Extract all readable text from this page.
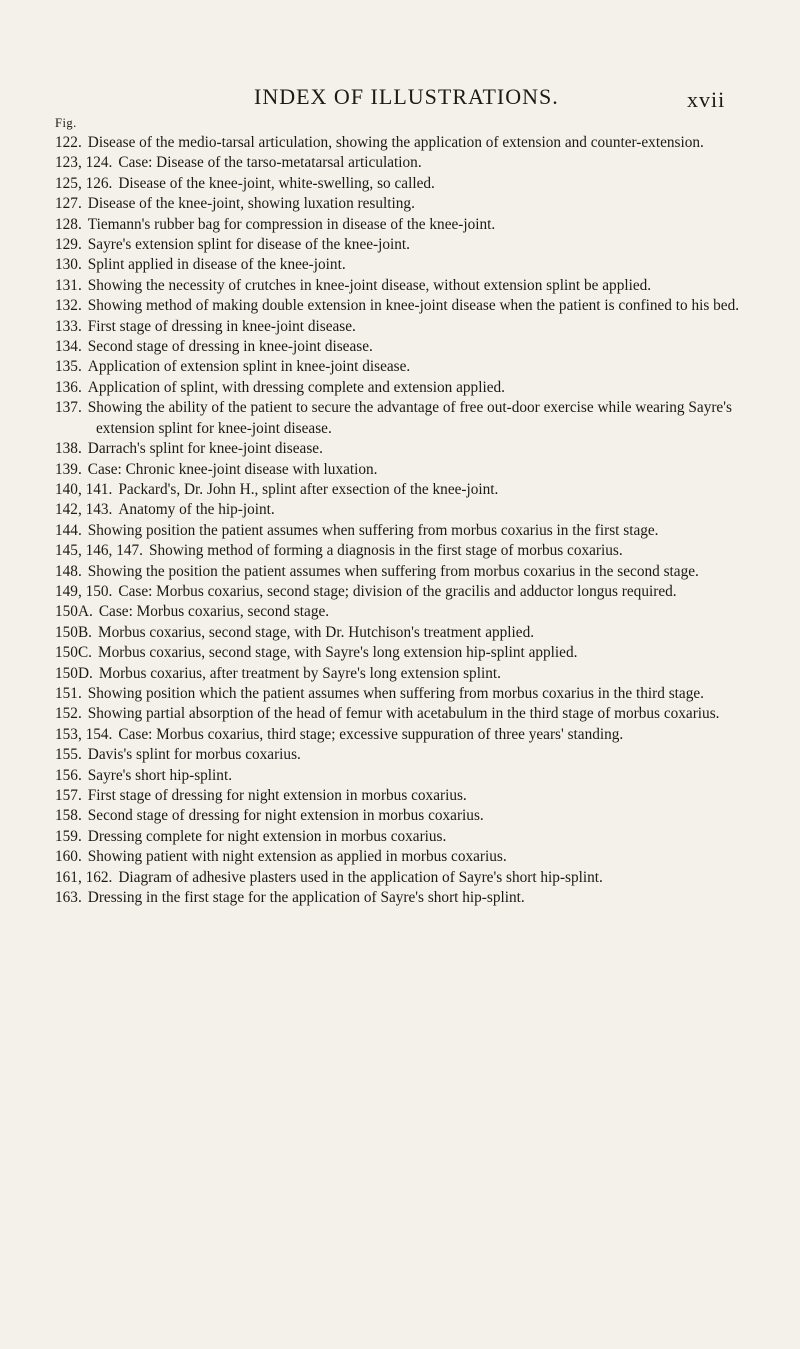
INDEX OF ILLUSTRATIONS.	xvii
Fig.
122. Disease of the medio-tarsal articulation, showing the application of extension and counter-extension.
123, 124. Case: Disease of the tarso-metatarsal articulation.
125, 126. Disease of the knee-joint, white-swelling, so called.
127. Disease of the knee-joint, showing luxation resulting.
128. Tiemann's rubber bag for compression in disease of the knee-joint.
129. Sayre's extension splint for disease of the knee-joint.
130. Splint applied in disease of the knee-joint.
131. Showing the necessity of crutches in knee-joint disease, without extension splint be applied.
132. Showing method of making double extension in knee-joint disease when the patient is confined to his bed.
133. First stage of dressing in knee-joint disease.
134. Second stage of dressing in knee-joint disease.
135. Application of extension splint in knee-joint disease.
136. Application of splint, with dressing complete and extension applied.
137. Showing the ability of the patient to secure the advantage of free out-door exercise while wearing Sayre's extension splint for knee-joint disease.
138. Darrach's splint for knee-joint disease.
139. Case: Chronic knee-joint disease with luxation.
140, 141. Packard's, Dr. John H., splint after exsection of the knee-joint.
142, 143. Anatomy of the hip-joint.
144. Showing position the patient assumes when suffering from morbus coxarius in the first stage.
145, 146, 147. Showing method of forming a diagnosis in the first stage of morbus coxarius.
148. Showing the position the patient assumes when suffering from morbus coxarius in the second stage.
149, 150. Case: Morbus coxarius, second stage; division of the gracilis and adductor longus required.
150A. Case: Morbus coxarius, second stage.
150B. Morbus coxarius, second stage, with Dr. Hutchison's treatment applied.
150C. Morbus coxarius, second stage, with Sayre's long extension hip-splint applied.
150D. Morbus coxarius, after treatment by Sayre's long extension splint.
151. Showing position which the patient assumes when suffering from morbus coxarius in the third stage.
152. Showing partial absorption of the head of femur with acetabulum in the third stage of morbus coxarius.
153, 154. Case: Morbus coxarius, third stage; excessive suppuration of three years' standing.
155. Davis's splint for morbus coxarius.
156. Sayre's short hip-splint.
157. First stage of dressing for night extension in morbus coxarius.
158. Second stage of dressing for night extension in morbus coxarius.
159. Dressing complete for night extension in morbus coxarius.
160. Showing patient with night extension as applied in morbus coxarius.
161, 162. Diagram of adhesive plasters used in the application of Sayre's short hip-splint.
163. Dressing in the first stage for the application of Sayre's short hip-splint.
